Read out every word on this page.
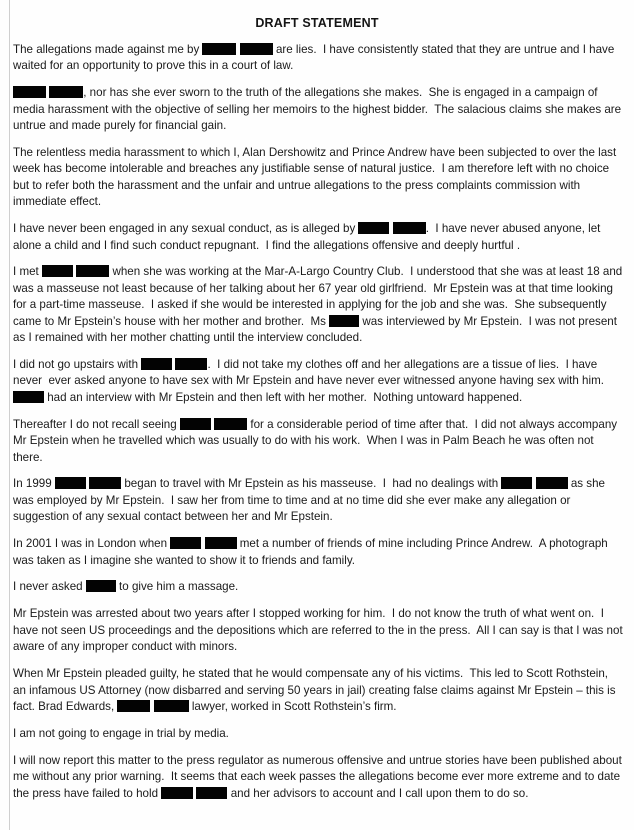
DRAFT STATEMENT

The allegations made against me by	are lies.  I have consistently stated that they are untrue and I have waited for an opportunity to prove this in a court of law.

, nor has she ever sworn to the truth of the allegations she makes.  She is engaged in a campaign of media harassment with the objective of selling her memoirs to the highest bidder.  The salacious claims she makes are untrue and made purely for financial gain.

The relentless media harassment to which I, Alan Dershowitz and Prince Andrew have been subjected to over the last week has become intolerable and breaches any justifiable sense of natural justice.  I am therefore left with no choice but to refer both the harassment and the unfair and untrue allegations to the press complaints commission with immediate effect.

I have never been engaged in any sexual conduct, as is alleged by	.  I have never abused anyone, let alone a child and I find such conduct repugnant.  I find the allegations offensive and deeply hurtful .

I met	when she was working at the Mar-A-Largo Country Club.  I understood that she was at least 18 and was a masseuse not least because of her talking about her 67 year old girlfriend.  Mr Epstein was at that time looking for a part-time masseuse.  I asked if she would be interested in applying for the job and she was.  She subsequently came to Mr Epstein’s house with her mother and brother.  Ms	was interviewed by Mr Epstein.  I was not present as I remained with her mother chatting until the interview concluded.

I did not go upstairs with	.  I did not take my clothes off and her allegations are a tissue of lies.  I have never  ever asked anyone to have sex with Mr Epstein and have never ever witnessed anyone having sex with him.  had an interview with Mr Epstein and then left with her mother.  Nothing untoward happened.

Thereafter I do not recall seeing	for a considerable period of time after that.  I did not always accompany Mr Epstein when he travelled which was usually to do with his work.  When I was in Palm Beach he was often not there.

In 1999	began to travel with Mr Epstein as his masseuse.  I  had no dealings with	as she was employed by Mr Epstein.  I saw her from time to time and at no time did she ever make any allegation or suggestion of any sexual contact between her and Mr Epstein.

In 2001 I was in London when	met a number of friends of mine including Prince Andrew.  A photograph was taken as I imagine she wanted to show it to friends and family.

I never asked	to give him a massage.

Mr Epstein was arrested about two years after I stopped working for him.  I do not know the truth of what went on.  I have not seen US proceedings and the depositions which are referred to the in the press.  All I can say is that I was not aware of any improper conduct with minors.

When Mr Epstein pleaded guilty, he stated that he would compensate any of his victims.  This led to Scott Rothstein, an infamous US Attorney (now disbarred and serving 50 years in jail) creating false claims against Mr Epstein – this is fact. Brad Edwards,	lawyer, worked in Scott Rothstein’s firm.

I am not going to engage in trial by media.

I will now report this matter to the press regulator as numerous offensive and untrue stories have been published about me without any prior warning.  It seems that each week passes the allegations become ever more extreme and to date the press have failed to hold	and her advisors to account and I call upon them to do so.
